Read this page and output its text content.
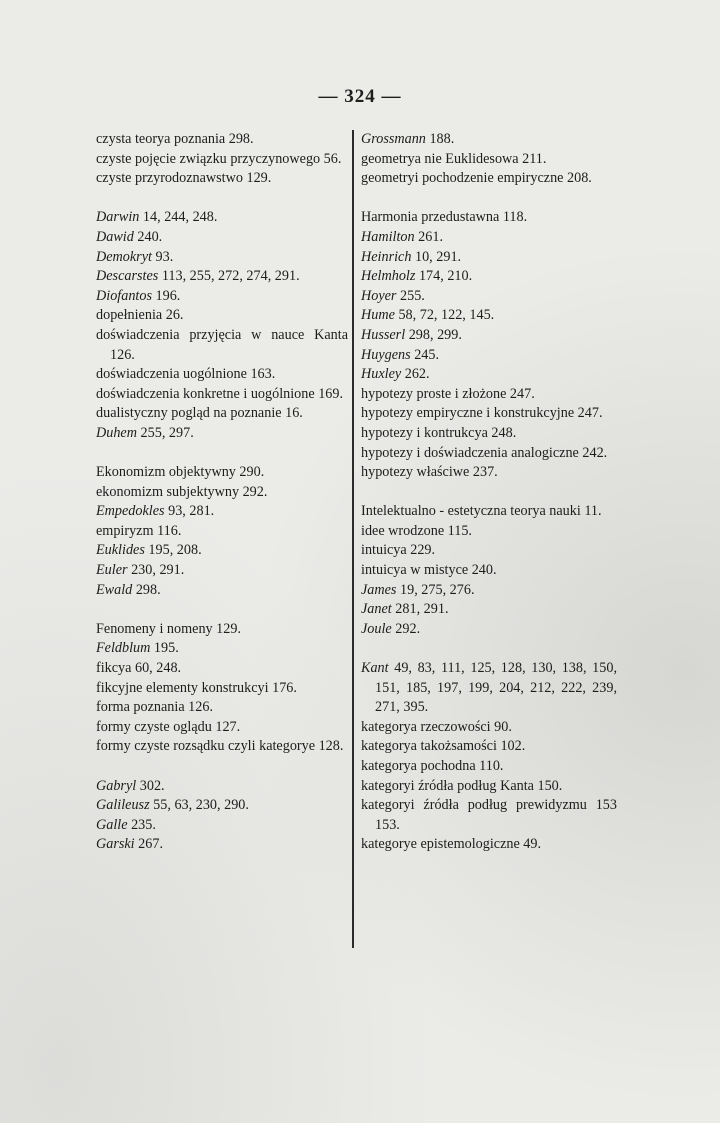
— 324 —
czysta teorya poznania 298.
czyste pojęcie związku przyczynowego 56.
czyste przyrodoznawstwo 129.
Darwin 14, 244, 248.
Dawid 240.
Demokryt 93.
Descarstes 113, 255, 272, 274, 291.
Diofantos 196.
dopełnienia 26.
doświadczenia przyjęcia w nauce Kanta 126.
doświadczenia uogólnione 163.
doświadczenia konkretne i uogólnione 169.
dualistyczny pogląd na poznanie 16.
Duhem 255, 297.
Ekonomizm objektywny 290.
ekonomizm subjektywny 292.
Empedokles 93, 281.
empiryzm 116.
Euklides 195, 208.
Euler 230, 291.
Ewald 298.
Fenomeny i nomeny 129.
Feldblum 195.
fikcya 60, 248.
fikcyjne elementy konstrukcyi 176.
forma poznania 126.
formy czyste oglądu 127.
formy czyste rozsądku czyli kategorye 128.
Gabryl 302.
Galileusz 55, 63, 230, 290.
Galle 235.
Garski 267.
Grossmann 188.
geometrya nie Euklidesowa 211.
geometryi pochodzenie empiryczne 208.
Harmonia przedustawna 118.
Hamilton 261.
Heinrich 10, 291.
Helmholz 174, 210.
Hoyer 255.
Hume 58, 72, 122, 145.
Husserl 298, 299.
Huygens 245.
Huxley 262.
hypotezy proste i złożone 247.
hypotezy empiryczne i konstrukcyjne 247.
hypotezy i kontrukcya 248.
hypotezy i doświadczenia analogiczne 242.
hypotezy właściwe 237.
Intelektualno - estetyczna teorya nauki 11.
idee wrodzone 115.
intuicya 229.
intuicya w mistyce 240.
James 19, 275, 276.
Janet 281, 291.
Joule 292.
Kant 49, 83, 111, 125, 128, 130, 138, 150, 151, 185, 197, 199, 204, 212, 222, 239, 271, 395.
kategorya rzeczowości 90.
kategorya takożsamości 102.
kategorya pochodna 110.
kategoryi źródła podług Kanta 150.
kategoryi źródła podług prewidyzmu 153 153.
kategorye epistemologiczne 49.
